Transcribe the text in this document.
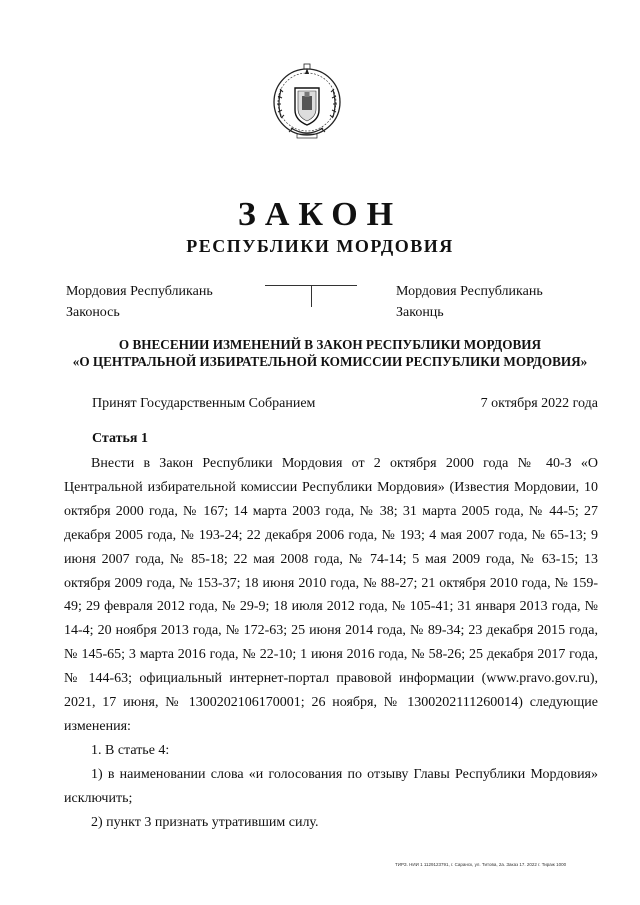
ЗАКОН
РЕСПУБЛИКИ МОРДОВИЯ
Мордовия Республикань
Законось
Мордовия Республикань
Законць
О ВНЕСЕНИИ ИЗМЕНЕНИЙ В ЗАКОН РЕСПУБЛИКИ МОРДОВИЯ
«О ЦЕНТРАЛЬНОЙ ИЗБИРАТЕЛЬНОЙ КОМИССИИ РЕСПУБЛИКИ МОРДОВИЯ»
Принят Государственным Собранием	7 октября 2022 года
Статья 1

Внести в Закон Республики Мордовия от 2 октября 2000 года № 40-З «О Центральной избирательной комиссии Республики Мордовия» (Известия Мордовии, 10 октября 2000 года, № 167; 14 марта 2003 года, № 38; 31 марта 2005 года, № 44-5; 27 декабря 2005 года, № 193-24; 22 декабря 2006 года, № 193; 4 мая 2007 года, № 65-13; 9 июня 2007 года, № 85-18; 22 мая 2008 года, № 74-14; 5 мая 2009 года, № 63-15; 13 октября 2009 года, № 153-37; 18 июня 2010 года, № 88-27; 21 октября 2010 года, № 159-49; 29 февраля 2012 года, № 29-9; 18 июля 2012 года, № 105-41; 31 января 2013 года, № 14-4; 20 ноября 2013 года, № 172-63; 25 июня 2014 года, № 89-34; 23 декабря 2015 года, № 145-65; 3 марта 2016 года, № 22-10; 1 июня 2016 года, № 58-26; 25 декабря 2017 года, № 144-63; официальный интернет-портал правовой информации (www.pravo.gov.ru), 2021, 17 июня, № 1300202106170001; 26 ноября, № 1300202111260014) следующие изменения:

1. В статье 4:

1) в наименовании слова «и голосования по отзыву Главы Республики Мордовия» исключить;

2) пункт 3 признать утратившим силу.

ТИРЗ. НИИ 1 1129123791, г. Саранск, ул. Титова, 2а. Заказ 17. 2022 г. Тираж 1000
